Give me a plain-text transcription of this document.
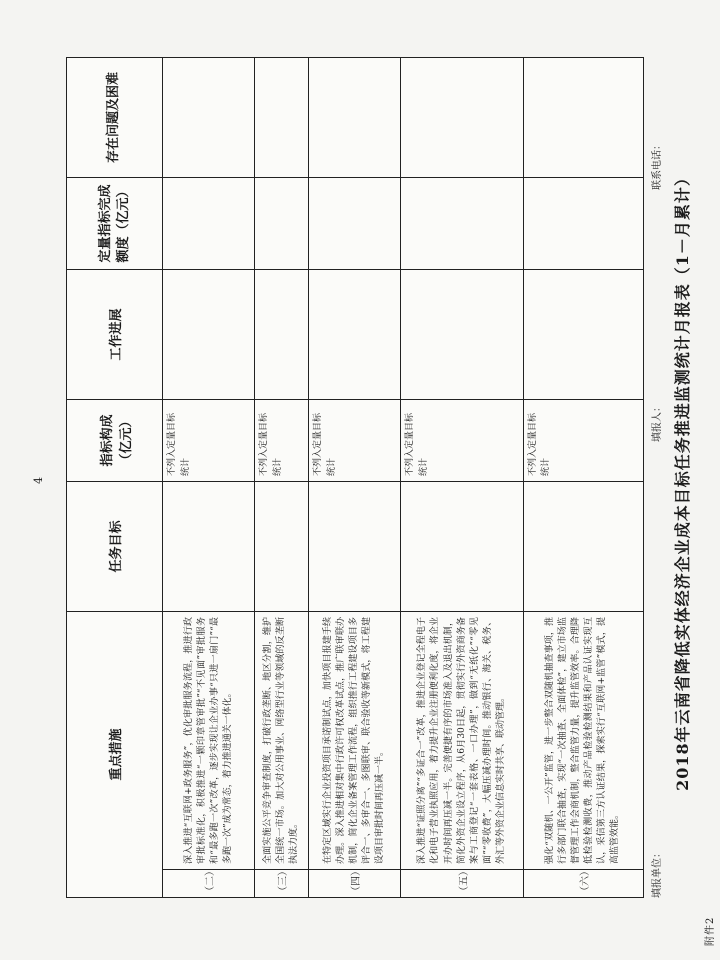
附件2
2018年云南省降低实体经济企业成本目标任务推进监测统计月报表（1－月累计）
填报单位：
填报人：
联系电话：
重点措施		任务目标	指标构成（亿元）	工作进展	定量指标完成额度（亿元）	存在问题及困难
（二）	深入推进“互联网+政务服务”，优化审批服务流程，推进行政审批标准化，积极推进“一颗印章管审批”“不见面”审批服务和“最多跑一次”改革，逐步实现让企业办事“只进一扇门”“最多跑一次”成为常态，着力推进通关一体化。		不列入定量目标统计			
（三）	全面实施公平竞争审查制度，打破行政垄断、地区分割，维护全国统一市场。加大对公用事业、网络型行业等领域的反垄断执法力度。		不列入定量目标统计			
（四）	在特定区域实行企业投资项目承诺制试点，加快项目报建手续办理。深入推进相对集中行政许可权改革试点，推广联审联办机制，简化企业备案管理工作流程，组织推行工程建设项目多评合一、多审合一、多图联审、联合验收等新模式，将工程建设项目审批时间再压减一半。		不列入定量目标统计			
（五）	深入推进“证照分离”“多证合一”改革，推进企业登记全程电子化和电子营业执照应用，着力提升企业注册便利化度，将企业开办时间再压减一半。完善便捷有序的市场准入及退出机制，简化外资企业设立程序，从6月30日起，贯彻实行外资商务备案与工商登记“一套表格、一口办理”，做到“无纸化”“零见面”“零收费”，大幅压减办理时间。推动银行、海关、税务、外汇等外资企业信息实时共享、联动管理。		不列入定量目标统计			
（六）	强化“双随机、一公开”监管，进一步整合双随机抽查事项，推行多部门联合抽查，实现“一次抽查、全面体检”，建立市场监督管理工作会商机制，整合监管力量，提升监管效率。合理降低检验检测收费，推动产品检验检测结果和产品认证实现互认，采信第三方认证结果，探索实行“互联网+监管”模式，提高监管效能。		不列入定量目标统计			
4
